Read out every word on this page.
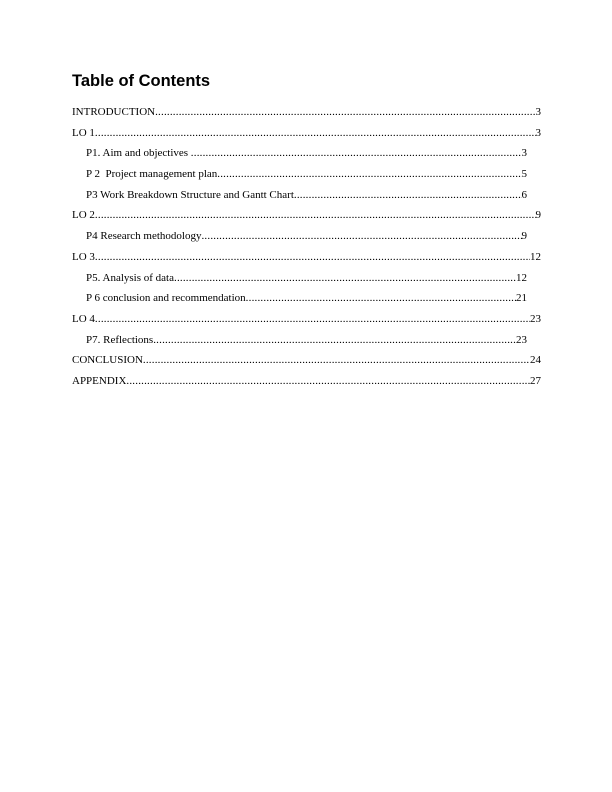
Table of Contents
INTRODUCTION .....	3
LO 1 .....	3
P1. Aim and objectives .....	3
P 2  Project management plan .....	5
P3 Work Breakdown Structure and Gantt Chart .....	6
LO 2 .....	9
P4 Research methodology .....	9
LO 3 .....	12
P5. Analysis of data .....	12
P 6 conclusion and recommendation .....	21
LO 4 .....	23
P7. Reflections .....	23
CONCLUSION .....	24
APPENDIX .....	27
